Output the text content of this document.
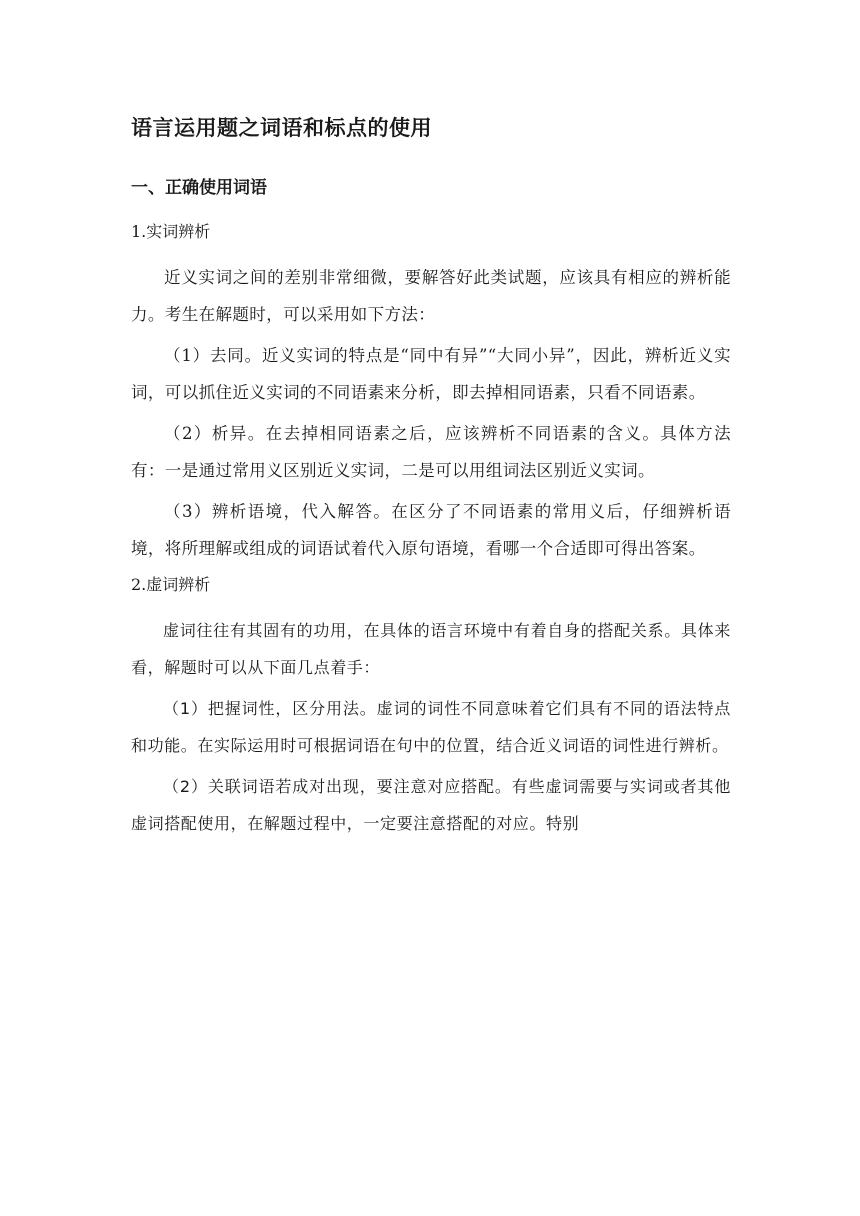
语言运用题之词语和标点的使用
一、正确使用词语
1.实词辨析

近义实词之间的差别非常细微，要解答好此类试题，应该具有相应的辨析能力。考生在解题时，可以采用如下方法：

（1）去同。近义实词的特点是“同中有异”“大同小异”，因此，辨析近义实词，可以抓住近义实词的不同语素来分析，即去掉相同语素，只看不同语素。

（2）析异。在去掉相同语素之后，应该辨析不同语素的含义。具体方法有：一是通过常用义区别近义实词，二是可以用组词法区别近义实词。

（3）辨析语境，代入解答。在区分了不同语素的常用义后，仔细辨析语境，将所理解或组成的词语试着代入原句语境，看哪一个合适即可得出答案。

2.虚词辨析

虚词往往有其固有的功用，在具体的语言环境中有着自身的搭配关系。具体来看，解题时可以从下面几点着手：

（1）把握词性，区分用法。虚词的词性不同意味着它们具有不同的语法特点和功能。在实际运用时可根据词语在句中的位置，结合近义词语的词性进行辨析。

（2）关联词语若成对出现，要注意对应搭配。有些虚词需要与实词或者其他虚词搭配使用，在解题过程中，一定要注意搭配的对应。特别
